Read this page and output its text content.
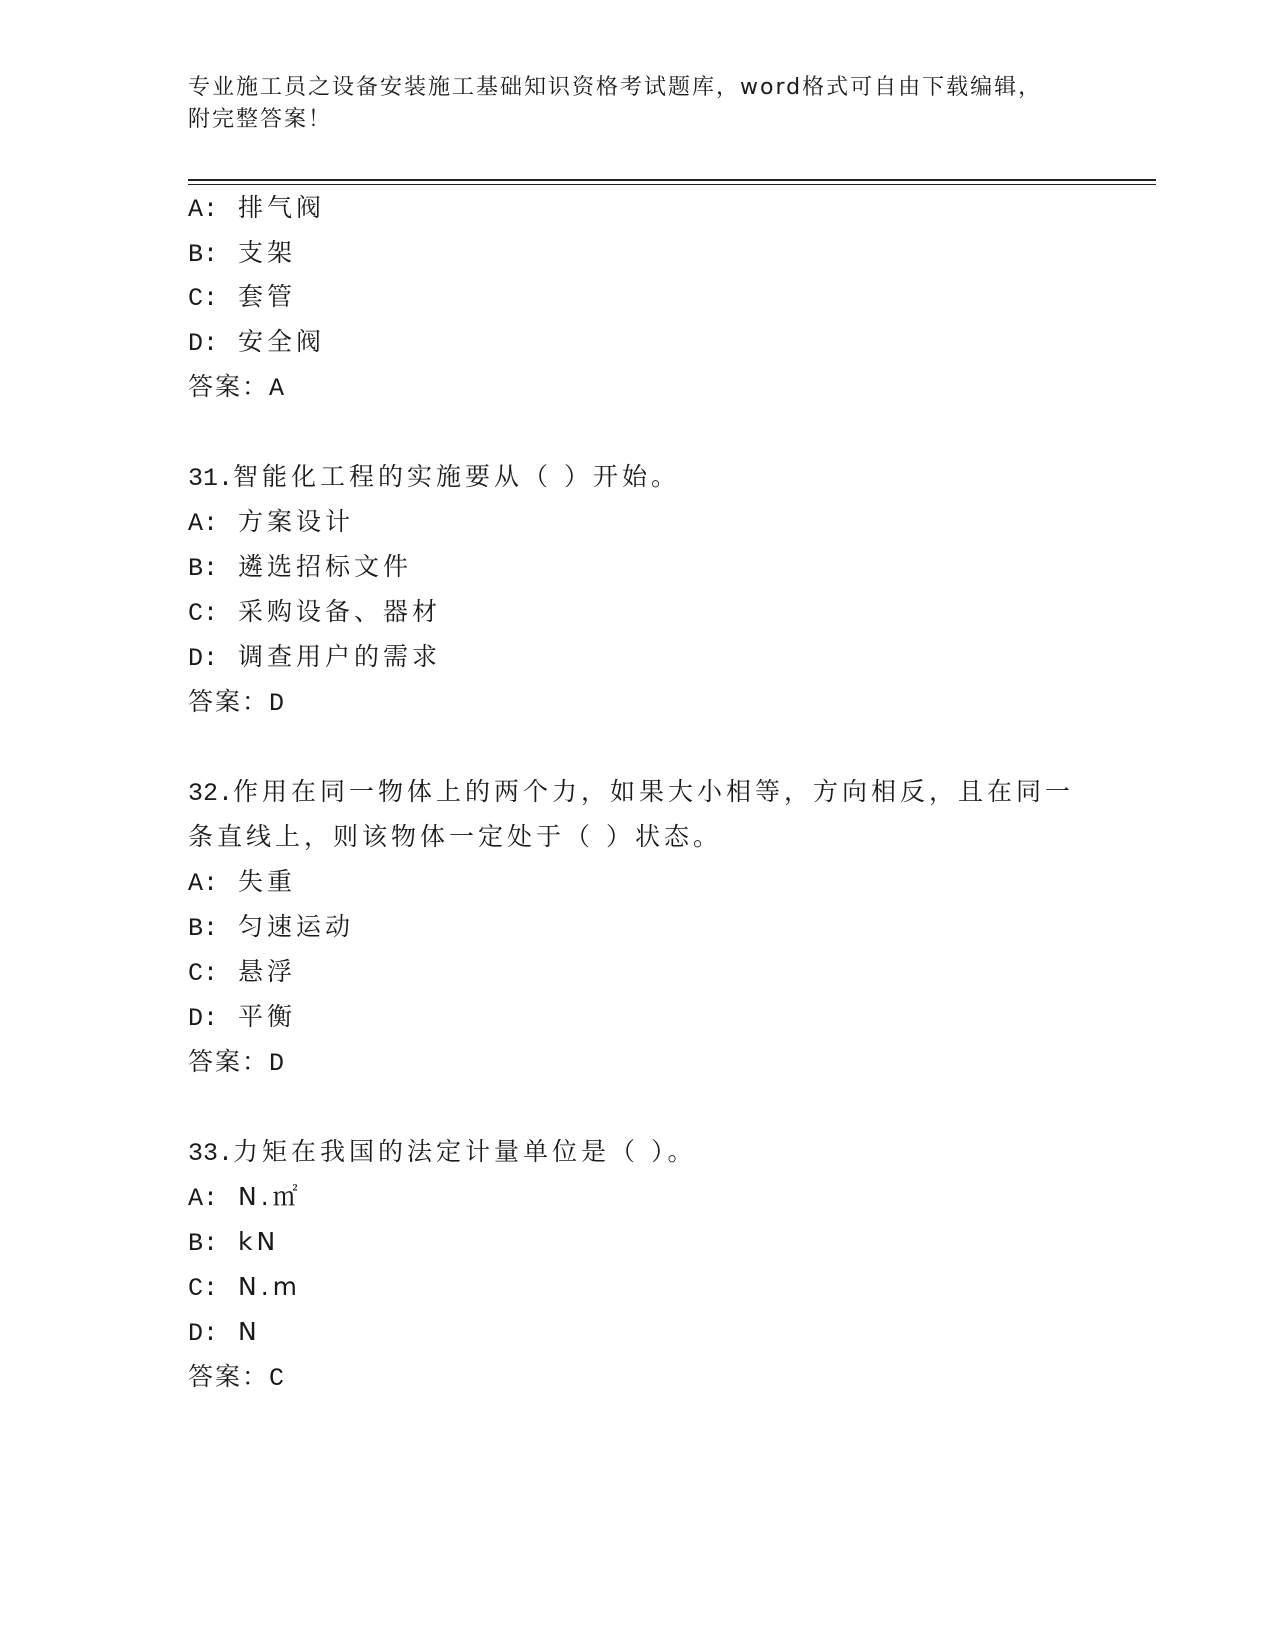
专业施工员之设备安装施工基础知识资格考试题库，word格式可自由下载编辑，
附完整答案！
A: 排气阀
B: 支架
C: 套管
D: 安全阀
答案：A
31.智能化工程的实施要从（ ）开始。
A: 方案设计
B: 遴选招标文件
C: 采购设备、器材
D: 调查用户的需求
答案：D
32.作用在同一物体上的两个力，如果大小相等，方向相反，且在同一
条直线上，则该物体一定处于（ ）状态。
A: 失重
B: 匀速运动
C: 悬浮
D: 平衡
答案：D
33.力矩在我国的法定计量单位是（ ）。
A: N.㎡
B: kN
C: N.m
D: N
答案：C
